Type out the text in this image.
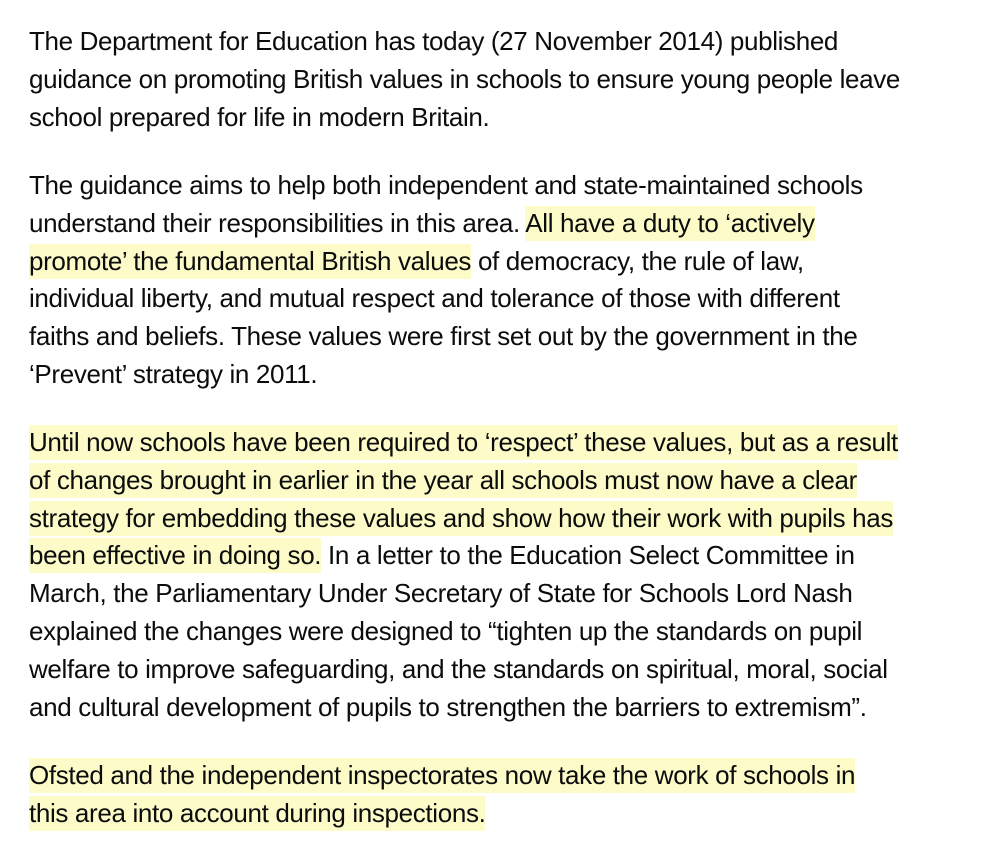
The Department for Education has today (27 November 2014) published
guidance on promoting British values in schools to ensure young people leave
school prepared for life in modern Britain.

The guidance aims to help both independent and state-maintained schools
understand their responsibilities in this area. All have a duty to ‘actively
promote’ the fundamental British values of democracy, the rule of law,
individual liberty, and mutual respect and tolerance of those with different
faiths and beliefs. These values were first set out by the government in the
‘Prevent’ strategy in 2011.

Until now schools have been required to ‘respect’ these values, but as a result
of changes brought in earlier in the year all schools must now have a clear
strategy for embedding these values and show how their work with pupils has
been effective in doing so. In a letter to the Education Select Committee in
March, the Parliamentary Under Secretary of State for Schools Lord Nash
explained the changes were designed to “tighten up the standards on pupil
welfare to improve safeguarding, and the standards on spiritual, moral, social
and cultural development of pupils to strengthen the barriers to extremism”.

Ofsted and the independent inspectorates now take the work of schools in
this area into account during inspections.
